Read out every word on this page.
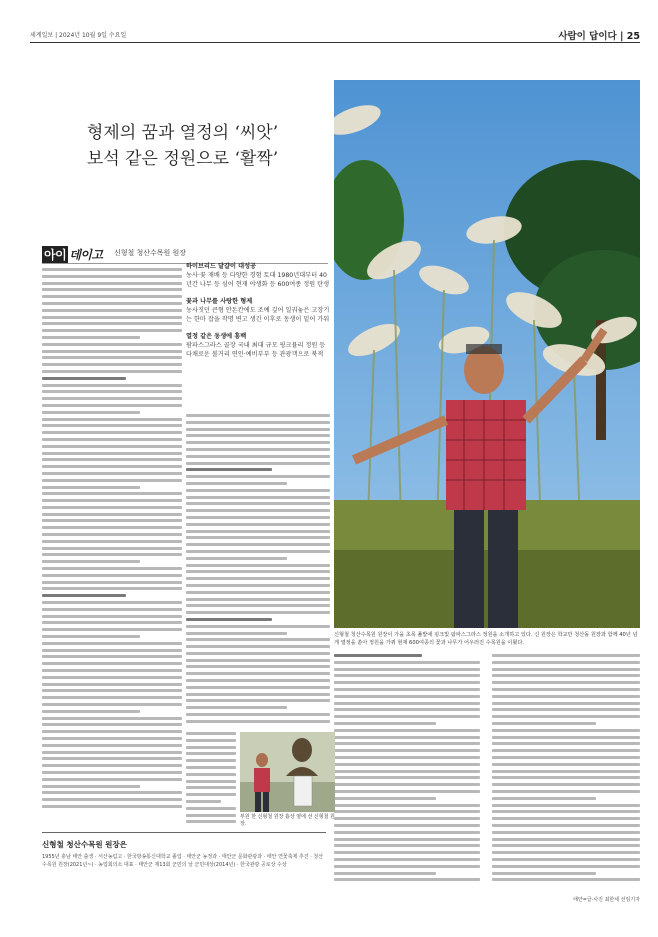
세계일보 | 2024년 10월 9일 수요일	사람이 답이다 | 25
형제의 꿈과 열정의 ‘씨앗’
보석 같은 정원으로 ‘활짝’
아이 데이고 신형철 청산수목원 원장
하이브리드 달걀이 대성공
농사·꽃 재배 등 다양한 경험 토대 1980년대부터 40년간 나무 등 심어 현재 야생화 등 600여종 정원 탄생
꽃과 나무를 사랑한 형제
농사짓던 큰형 안돈칸에도 조예 깊어 일궈놓은 고장기는 한마 잡을 작명 변고 생긴 이후로 동생이 밑어 가워
열정 같은 동생에 흥백
팜파스그라스 골장 국내 최대 규모 핑크뮬리 정원 등 다채로운 볼거리 연인·예비부부 등 관광객으로 북적
신형철 청산수목원 원장이 가을 초목 풀밭에 핑크빛 팜파스그라스 정원을 소개하고 있다. 신 원장은 학교만 청산돌 원장과 함께 40년 넘게 열정을 쏟아 정원을 가꿔 현재 600여종의 꽃과 나무가 어우러진 수목원을 이뤘다.
부원 한 신형철 원장 흉상 옆에 선 신형철 원장.
신형철 청산수목원 원장은
1955년 충남 태안 출생 · 서산농림고 · 한국방송통신대학교 졸업 · 태안군 농정과 · 태안군 문화관광과 · 태안 연꽃축제 추진 · 청산수목원 원장(2021년~) · 농업회의소 대표 · 태안군 제13회 군민의 날 군민대상(2014년) · 한국관광 공로상 수상
태안=글·사진 최한세 선임기자
